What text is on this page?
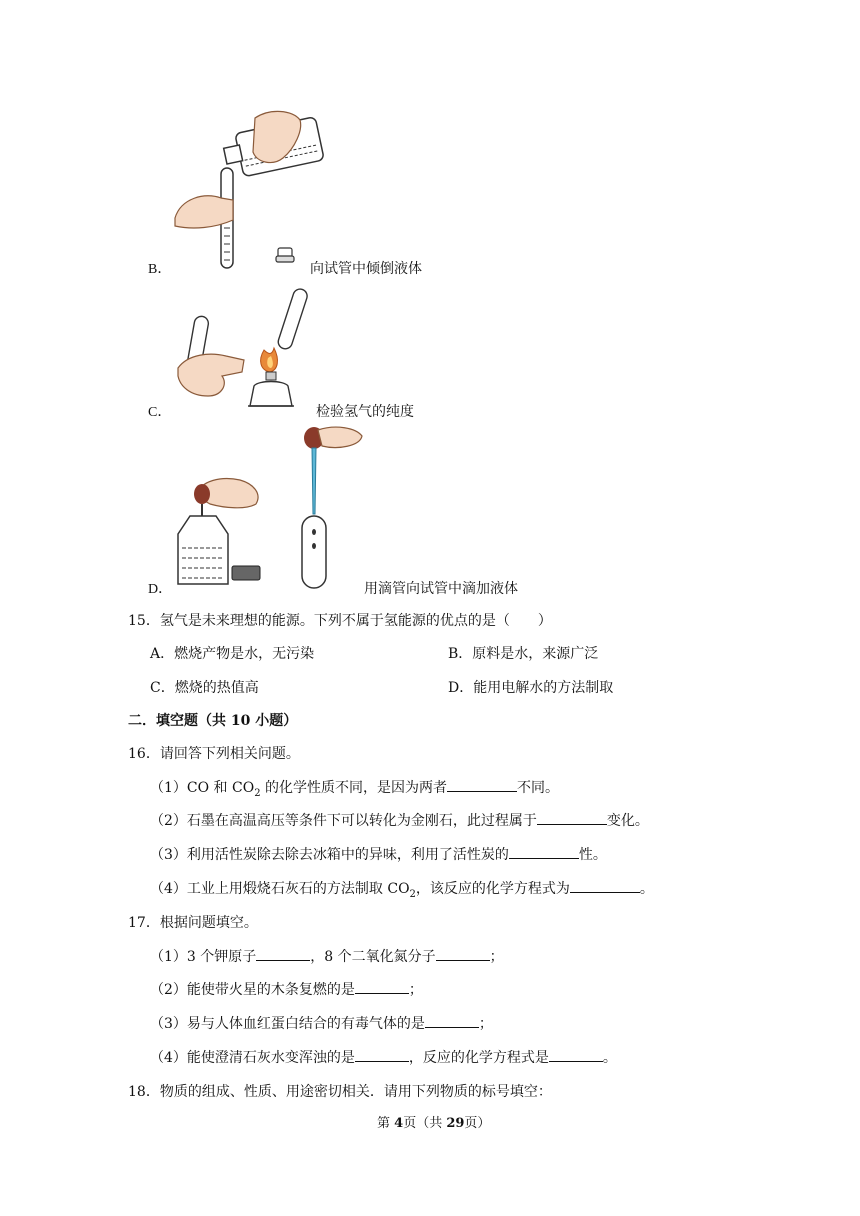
B．	向试管中倾倒液体
C．	检验氢气的纯度
D．	用滴管向试管中滴加液体
15．氢气是未来理想的能源。下列不属于氢能源的优点的是（　　）
A．燃烧产物是水，无污染	B．原料是水，来源广泛
C．燃烧的热值高	D．能用电解水的方法制取
二．填空题（共 10 小题）
16．请回答下列相关问题。
（1）CO 和 $CO_2$ 的化学性质不同，是因为两者	不同。
（2）石墨在高温高压等条件下可以转化为金刚石，此过程属于	变化。
（3）利用活性炭除去除去冰箱中的异味，利用了活性炭的	性。
（4）工业上用煅烧石灰石的方法制取 $CO_2$，该反应的化学方程式为	。
17．根据问题填空。
（1）3 个钾原子	，8 个二氧化氮分子	；
（2）能使带火星的木条复燃的是	；
（3）易与人体血红蛋白结合的有毒气体的是	；
（4）能使澄清石灰水变浑浊的是	，反应的化学方程式是	。
18．物质的组成、性质、用途密切相关．请用下列物质的标号填空：
第 4页（共 29页）
